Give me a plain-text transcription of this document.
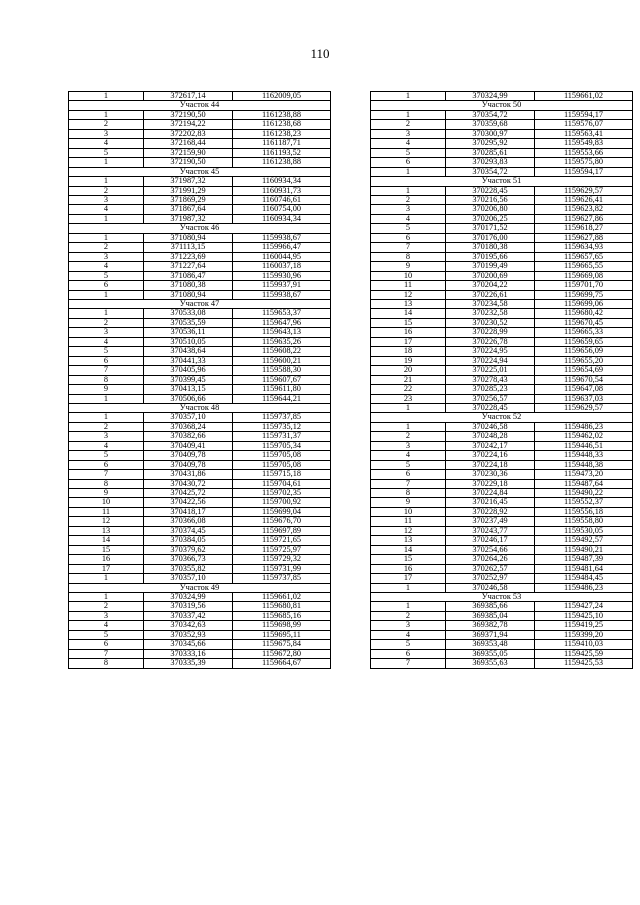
110
1	372617,14	1162009,05
Участок 44		
1	372190,50	1161238,88
2	372194,22	1161238,68
3	372202,83	1161238,23
4	372168,44	1161187,71
5	372159,90	1161193,52
1	372190,50	1161238,88
Участок 45		
1	371987,32	1160934,34
2	371991,29	1160931,73
3	371869,29	1160746,61
4	371867,64	1160754,00
1	371987,32	1160934,34
Участок 46		
1	371080,94	1159938,67
2	371113,15	1159966,47
3	371223,69	1160044,95
4	371227,64	1160037,18
5	371086,47	1159930,96
6	371080,38	1159937,91
1	371080,94	1159938,67
Участок 47		
1	370533,08	1159653,37
2	370535,59	1159647,96
3	370536,11	1159643,13
4	370510,05	1159635,26
5	370438,64	1159608,22
6	370441,33	1159600,21
7	370405,96	1159588,30
8	370399,45	1159607,67
9	370413,15	1159611,80
1	370506,66	1159644,21
Участок 48		
1	370357,10	1159737,85
2	370368,24	1159735,12
3	370382,66	1159731,37
4	370409,41	1159705,34
5	370409,78	1159705,08
6	370409,78	1159705,08
7	370431,86	1159715,18
8	370430,72	1159704,61
9	370425,72	1159702,35
10	370422,56	1159700,92
11	370418,17	1159699,04
12	370366,08	1159676,70
13	370374,45	1159697,89
14	370384,05	1159721,65
15	370379,62	1159725,97
16	370366,73	1159729,32
17	370355,82	1159731,99
1	370357,10	1159737,85
Участок 49		
1	370324,99	1159661,02
2	370319,56	1159680,81
3	370337,42	1159685,16
4	370342,63	1159698,99
5	370352,93	1159695,11
6	370345,66	1159675,84
7	370333,16	1159672,80
8	370335,39	1159664,67
1	370324,99	1159661,02
Участок 50		
1	370354,72	1159594,17
2	370359,68	1159576,07
3	370300,97	1159563,41
4	370295,92	1159549,83
5	370285,61	1159553,66
6	370293,83	1159575,80
1	370354,72	1159594,17
Участок 51		
1	370228,45	1159629,57
2	370216,56	1159626,41
3	370206,80	1159623,82
4	370206,25	1159627,86
5	370171,52	1159618,27
6	370176,00	1159627,88
7	370180,38	1159634,93
8	370195,66	1159657,65
9	370199,49	1159665,55
10	370200,69	1159669,08
11	370204,22	1159701,70
12	370226,61	1159699,75
13	370234,58	1159699,06
14	370232,58	1159680,42
15	370230,52	1159670,45
16	370228,99	1159665,33
17	370226,78	1159659,65
18	370224,95	1159656,09
19	370224,94	1159655,20
20	370225,01	1159654,69
21	370278,43	1159670,54
22	370285,23	1159647,08
23	370256,57	1159637,03
1	370228,45	1159629,57
Участок 52		
1	370246,58	1159486,23
2	370248,28	1159462,02
3	370242,17	1159446,51
4	370224,16	1159448,33
5	370224,18	1159448,38
6	370230,36	1159473,20
7	370229,18	1159487,64
8	370224,84	1159490,22
9	370216,45	1159552,37
10	370228,92	1159556,18
11	370237,49	1159558,80
12	370243,77	1159530,05
13	370246,17	1159492,57
14	370254,66	1159490,21
15	370264,26	1159487,39
16	370262,57	1159481,64
17	370252,97	1159484,45
1	370246,58	1159486,23
Участок 53		
1	369385,66	1159427,24
2	369385,04	1159425,10
3	369382,78	1159419,25
4	369371,94	1159399,20
5	369353,48	1159410,03
6	369355,05	1159425,59
7	369355,63	1159425,53
